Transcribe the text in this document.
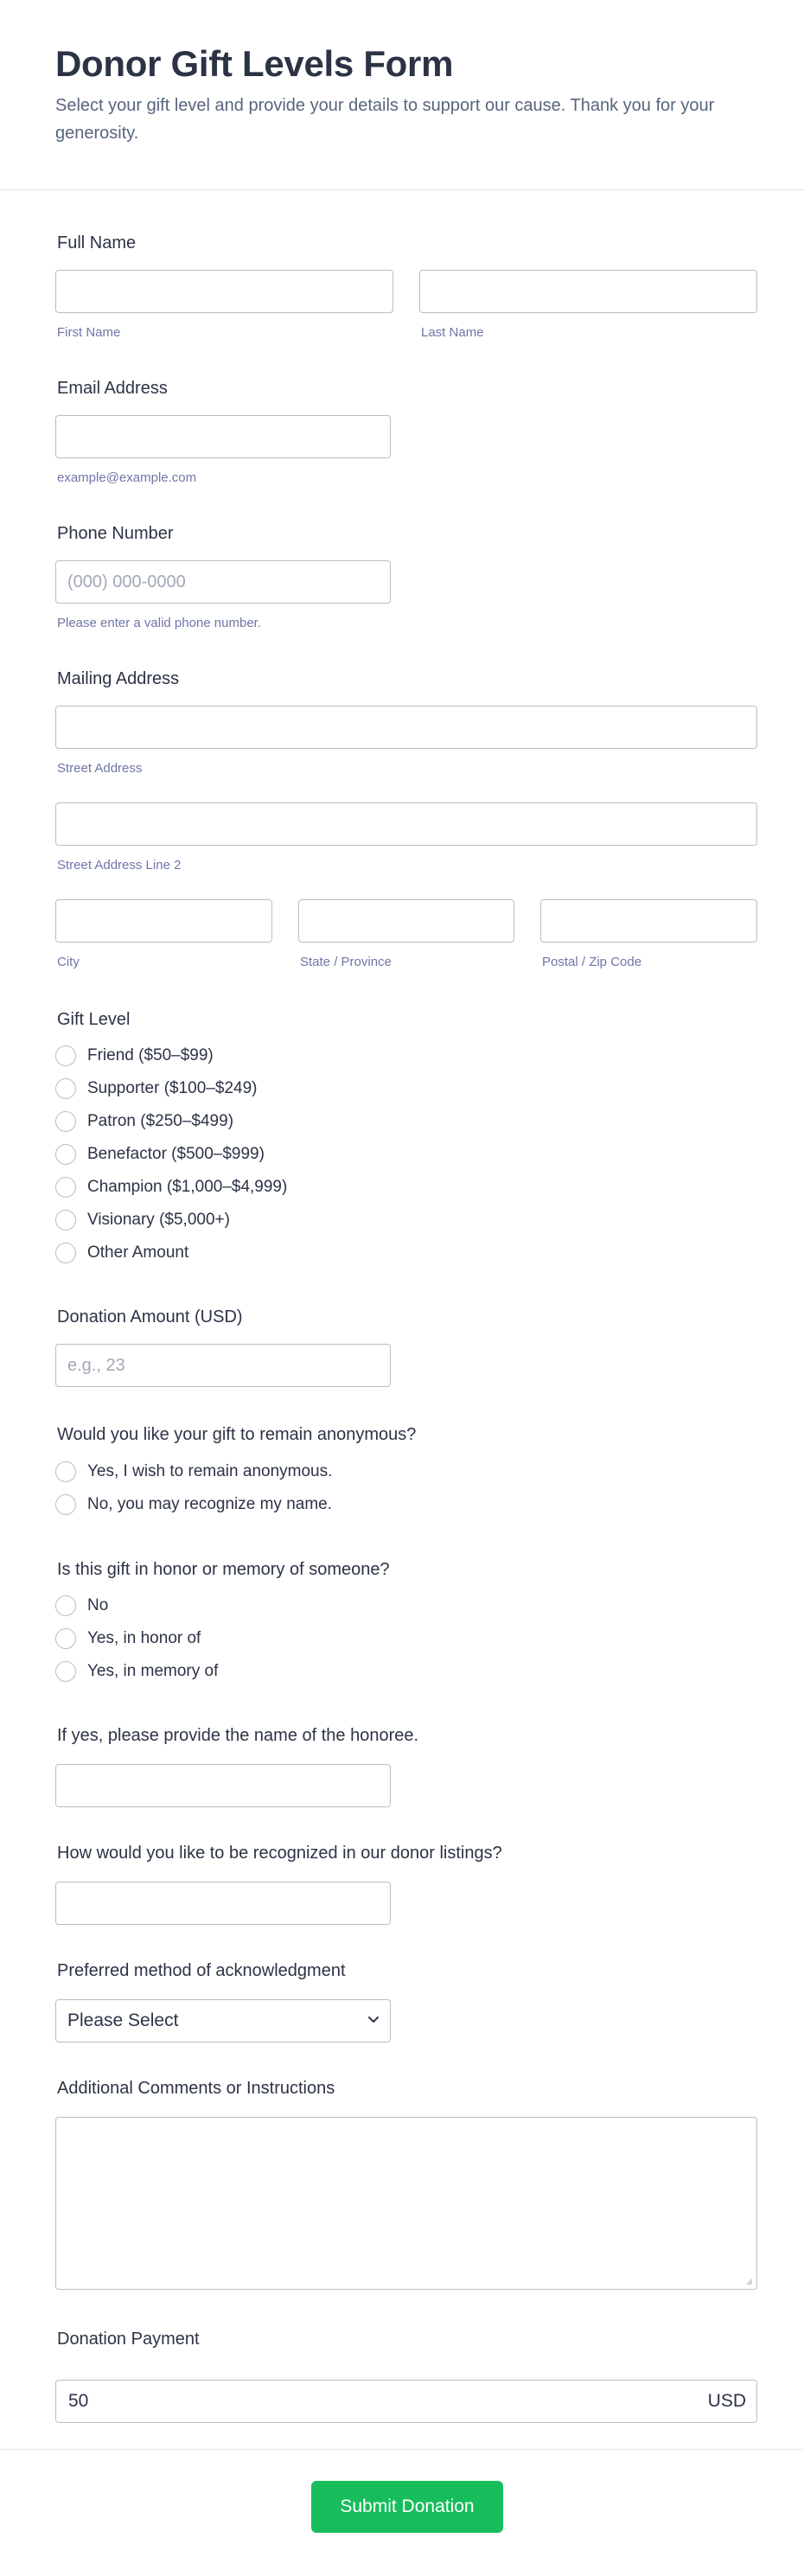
Donor Gift Levels Form
Select your gift level and provide your details to support our cause. Thank you for your generosity.
Full Name
First Name	Last Name
Email Address
example@example.com
Phone Number
(000) 000-0000
Please enter a valid phone number.
Mailing Address
Street Address
Street Address Line 2
City	State / Province	Postal / Zip Code
Gift Level
Friend ($50–$99)
Supporter ($100–$249)
Patron ($250–$499)
Benefactor ($500–$999)
Champion ($1,000–$4,999)
Visionary ($5,000+)
Other Amount
Donation Amount (USD)
e.g., 23
Would you like your gift to remain anonymous?
Yes, I wish to remain anonymous.
No, you may recognize my name.
Is this gift in honor or memory of someone?
No
Yes, in honor of
Yes, in memory of
If yes, please provide the name of the honoree.
How would you like to be recognized in our donor listings?
Preferred method of acknowledgment
Please Select
Additional Comments or Instructions
Donation Payment
50	USD
Submit Donation
